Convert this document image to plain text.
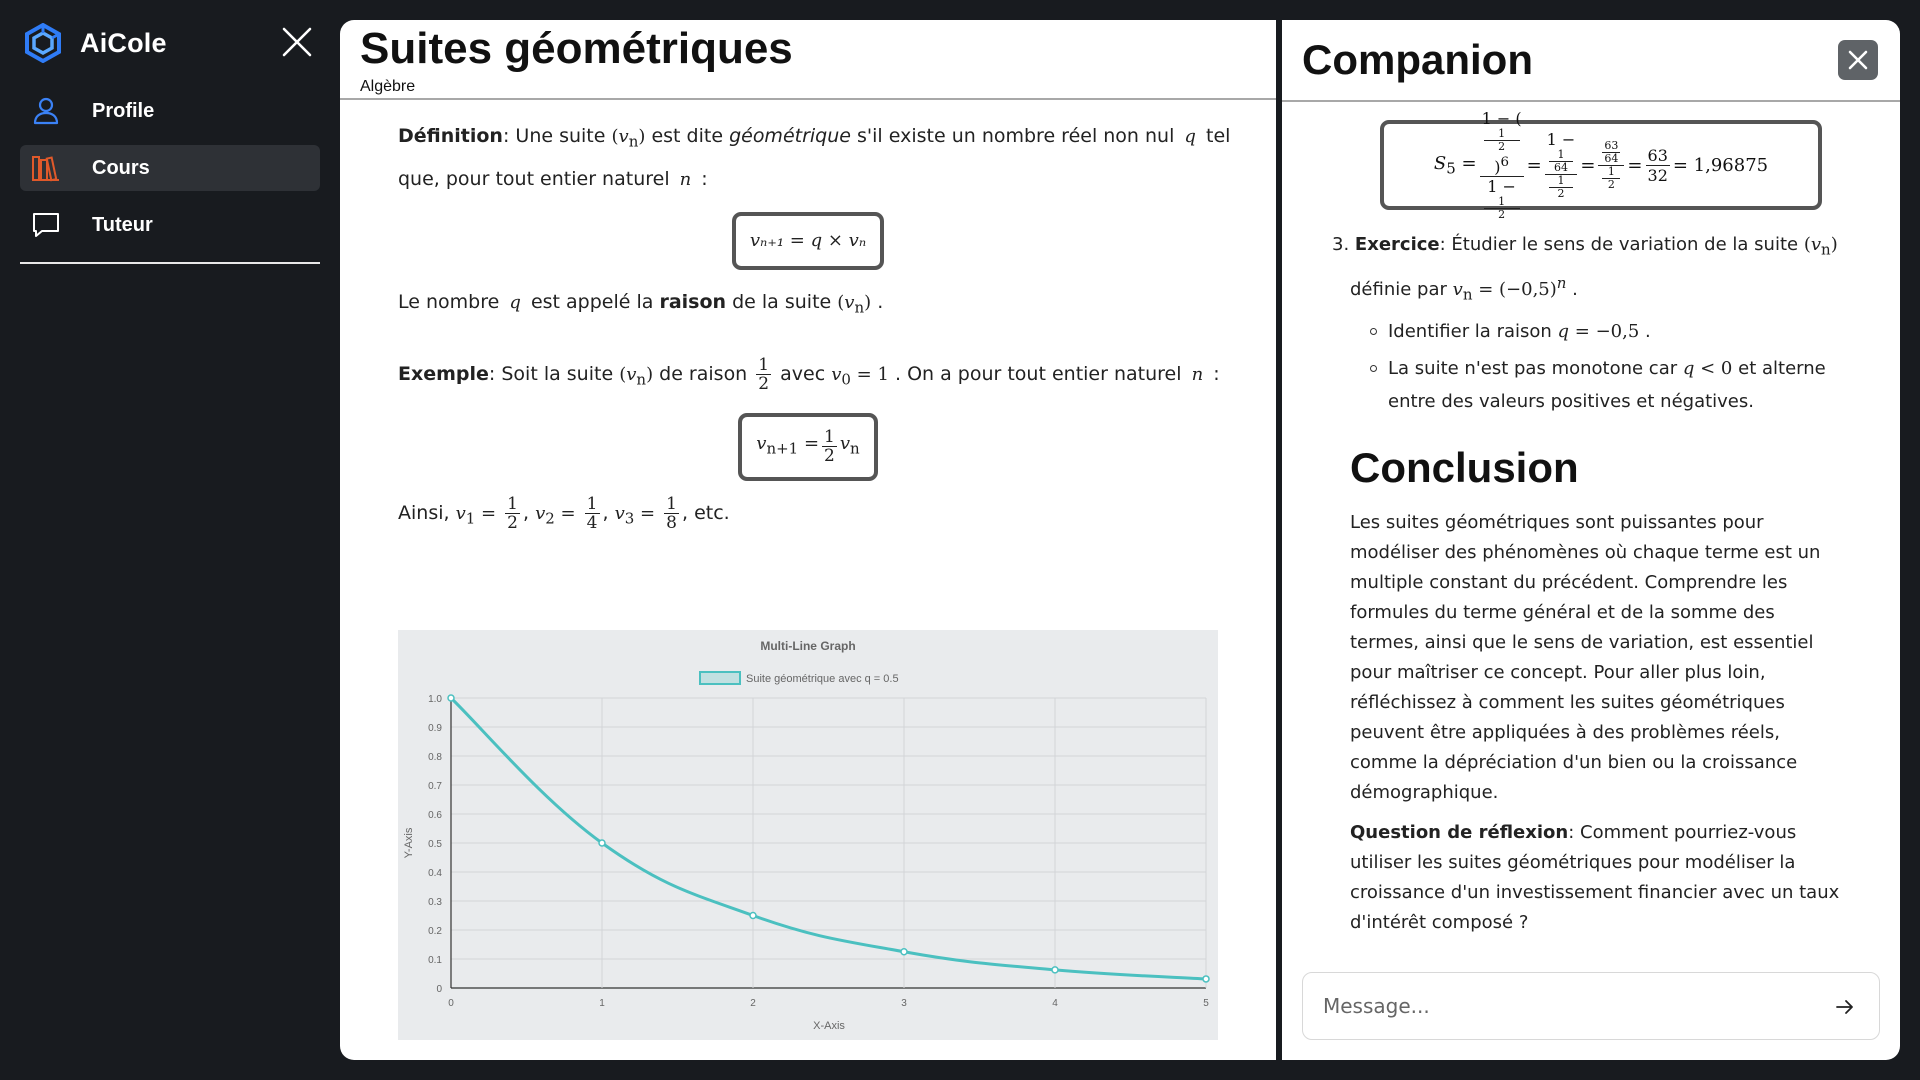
AiCole
Profile
Cours
Tuteur
Suites géométriques
Algèbre

Définition: Une suite $(v_n)$ est dite géométrique s'il existe un nombre réel non nul q tel que, pour tout entier naturel n :

vₙ₊₁ = q × vₙ

Le nombre q est appelé la raison de la suite $(v_n)$ .

Exemple: Soit la suite $(v_n)$ de raison $\frac{1}{2}$ avec $v_0 = 1$ . On a pour tout entier naturel n :

$v_{n+1} = \frac{1}{2} v_n$

Ainsi, $v_1 = \frac{1}{2}$ , $v_2 = \frac{1}{4}$ , $v_3 = \frac{1}{8}$ , etc.

Multi-Line Graph
Suite géométrique avec q = 0.5
0
0.1
0.2
0.3
0.4
0.5
0.6
0.7
0.8
0.9
1.0
0	1	2	3	4	5
X-Axis
Y-Axis
Companion
$S_5 = 1$ − (
1
2
)$^6$
1 −
1
2 = 1 −
1
64
1
2 = 63
64
1
$2 = \frac{63}{32} = 1,96875$
3. Exercice: Étudier le sens de variation de la suite $(v_n)$ définie par $v_n = (-0,5)^n$ .
Identifier la raison q = −0,5 .
La suite n'est pas monotone car q < 0 et alterne entre des valeurs positives et négatives.
Conclusion
Les suites géométriques sont puissantes pour modéliser des phénomènes où chaque terme est un multiple constant du précédent. Comprendre les formules du terme général et de la somme des termes, ainsi que le sens de variation, est essentiel pour maîtriser ce concept. Pour aller plus loin, réfléchissez à comment les suites géométriques peuvent être appliquées à des problèmes réels, comme la dépréciation d'un bien ou la croissance démographique.
Question de réflexion: Comment pourriez-vous utiliser les suites géométriques pour modéliser la croissance d'un investissement financier avec un taux d'intérêt composé ?
Message...
